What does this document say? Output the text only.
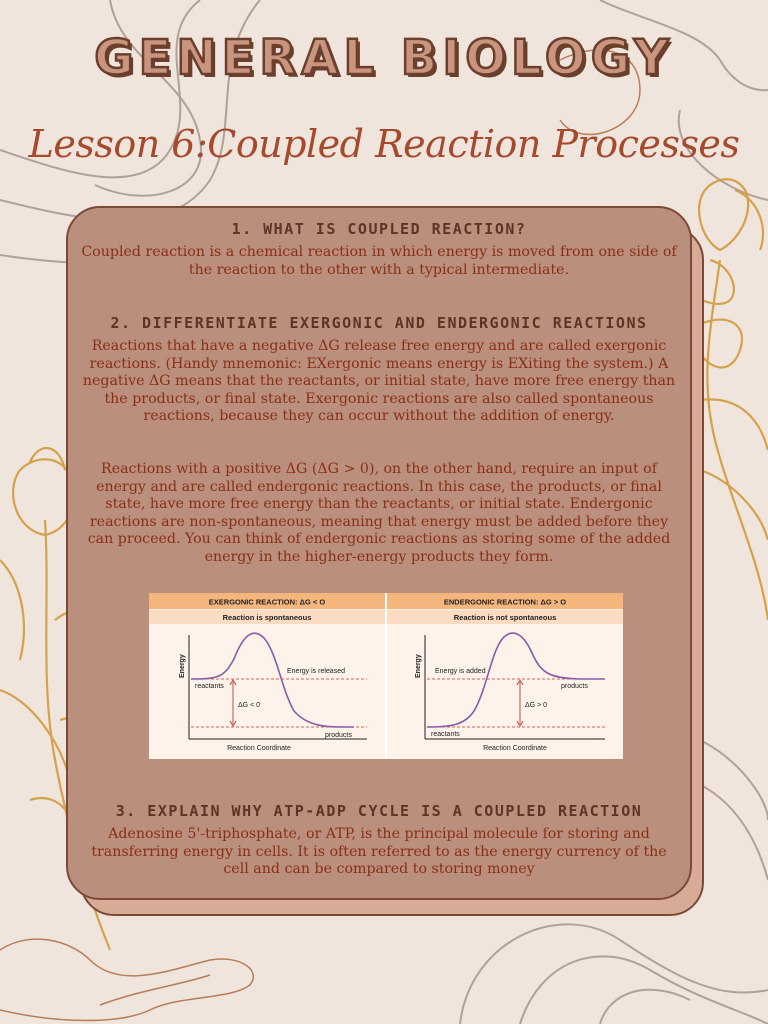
GENERAL BIOLOGY
Lesson 6:Coupled Reaction Processes
1. WHAT IS COUPLED REACTION?
Coupled reaction is a chemical reaction in which energy is moved from one side of the reaction to the other with a typical intermediate.
2. DIFFERENTIATE EXERGONIC AND ENDERGONIC REACTIONS
Reactions that have a negative ΔG release free energy and are called exergonic reactions. (Handy mnemonic: EXergonic means energy is EXiting the system.) A negative ΔG means that the reactants, or initial state, have more free energy than the products, or final state. Exergonic reactions are also called spontaneous reactions, because they can occur without the addition of energy.
Reactions with a positive ΔG (ΔG > 0), on the other hand, require an input of energy and are called endergonic reactions. In this case, the products, or final state, have more free energy than the reactants, or initial state. Endergonic reactions are non-spontaneous, meaning that energy must be added before they can proceed. You can think of endergonic reactions as storing some of the added energy in the higher-energy products they form.
EXERGONIC REACTION: ΔG < O	ENDERGONIC REACTION: ΔG > O
Reaction is spontaneous	Reaction is not spontaneous
Energy
Reaction Coordinate
Energy is released
reactants
products
ΔG < 0
Energy
Reaction Coordinate
Energy is added
reactants
products
ΔG > 0
3. EXPLAIN WHY ATP-ADP CYCLE IS A COUPLED REACTION
Adenosine 5'-triphosphate, or ATP, is the principal molecule for storing and transferring energy in cells. It is often referred to as the energy currency of the cell and can be compared to storing money
